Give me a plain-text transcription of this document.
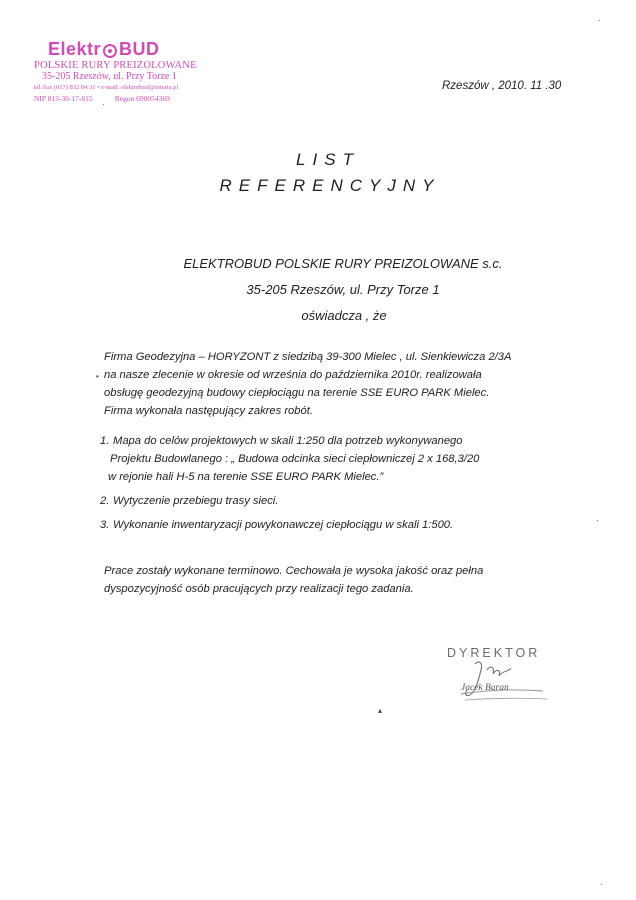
Elektr BUD
POLSKIE RURY PREIZOLOWANE
35-205 Rzeszów, ul. Przy Torze 1
tel./fax (017) 832 84 31 • e-mail: elektrobud@interia.pl
NIP 813-30-17-815	Regon 690054369
Rzeszów , 2010. 11 .30
LIST
REFERENCYJNY
ELEKTROBUD POLSKIE RURY PREIZOLOWANE s.c.
35-205 Rzeszów, ul. Przy Torze 1
oświadcza , że
Firma Geodezyjna – HORYZONT z siedzibą 39-300 Mielec , ul. Sienkiewicza 2/3A
na nasze zlecenie w okresie od września do października 2010r. realizowała
obsługę geodezyjną budowy ciepłociągu na terenie SSE EURO PARK Mielec.
Firma wykonała następujący zakres robót.
1. Mapa do celów projektowych w skali 1:250 dla potrzeb wykonywanego
Projektu Budowlanego : „ Budowa odcinka sieci ciepłowniczej 2 x 168,3/20
w rejonie hali H-5 na terenie SSE EURO PARK Mielec.”
2. Wytyczenie przebiegu trasy sieci.
3. Wykonanie inwentaryzacji powykonawczej ciepłociągu w skali 1:500.
Prace zostały wykonane terminowo. Cechowała je wysoka jakość oraz pełna
dyspozycyjność osób pracujących przy realizacji tego zadania.
•
▴
·
·
·
·
DYREKTOR
Jacek Baran
